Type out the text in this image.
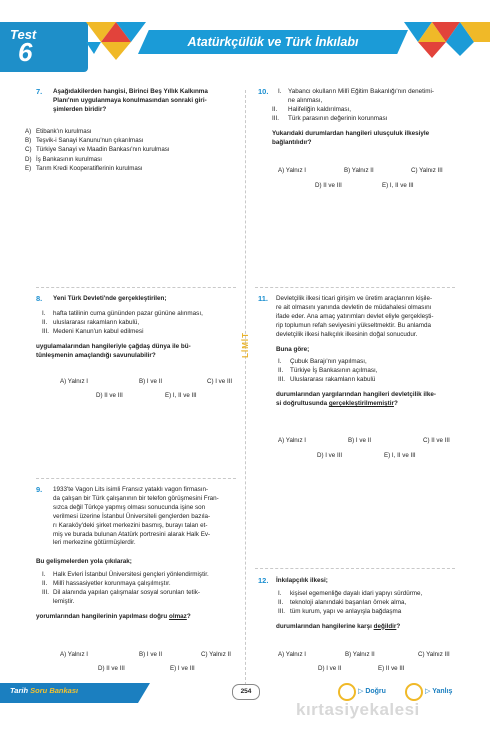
Test
6	Atatürkçülük ve Türk İnkılabı
7.	Aşağıdakilerden hangisi, Birinci Beş Yıllık Kalkınma
Planı'nın uygulanmaya konulmasından sonraki giri-
şimlerden biridir?
A) Etibank'ın kurulması
B) Teşvik-i Sanayi Kanunu'nun çıkarılması
C) Türkiye Sanayi ve Maadin Bankası'nın kurulması
D) İş Bankasının kurulması
E) Tarım Kredi Kooperatiflerinin kurulması
8.	Yeni Türk Devleti'nde gerçekleştirilen;
I. hafta tatilinin cuma gününden pazar gününe alınması,
II. uluslararası rakamların kabulü,
III. Medeni Kanun'un kabul edilmesi
uygulamalarından hangileriyle çağdaş dünya ile bü-
tünleşmenin amaçlandığı savunulabilir?
A) Yalnız I	B) I ve II	C) I ve III
D) II ve III	E) I, II ve III
9.	1933'te Vagon Lits isimli Fransız yataklı vagon firmasın-
da çalışan bir Türk çalışanının bir telefon görüşmesini Fran-
sızca değil Türkçe yapmış olması sonucunda işine son
verilmesi üzerine İstanbul Üniversiteli gençlerden bazıla-
rı Karaköy'deki şirket merkezini basmış, burayı talan et-
miş ve burada bulunan Atatürk portresini alarak Halk Ev-
leri merkezine götürmüşlerdir.
Bu gelişmelerden yola çıkılarak;
I. Halk Evleri İstanbul Üniversitesi gençleri yönlendirmiştir.
II. Millî hassasiyetler korunmaya çalışılmıştır.
III. Dil alanında yapılan çalışmalar sosyal sorunları tetik-
lemiştir.
yorumlarından hangilerinin yapılması doğru olmaz?
A) Yalnız I	B) I ve II	C) Yalnız II
D) II ve III	E) I ve III
10.	I. Yabancı okulların Millî Eğitim Bakanlığı'nın denetimi-
ne alınması,
II. Halifeliğin kaldırılması,
III. Türk parasının değerinin korunması
Yukarıdaki durumlardan hangileri ulusçuluk ilkesiyle
bağlantılıdır?
A) Yalnız I	B) Yalnız II	C) Yalnız III
D) II ve III	E) I, II ve III
LİMİT
11.	Devletçilik ilkesi ticari girişim ve üretim araçlarının kişile-
re ait olmasını yanında devletin de müdahalesi olmasını
ifade eder. Ana amaç yatırımları devlet eliyle gerçekleşti-
rip toplumun refah seviyesini yükseltmektir. Bu anlamda
devletçilik ilkesi halkçılık ilkesinin doğal sonucudur.
Buna göre;
I. Çubuk Barajı'nın yapılması,
II. Türkiye İş Bankasının açılması,
III. Uluslararası rakamların kabulü
durumlarından yargılarından hangileri devletçilik ilke-
si doğrultusunda gerçekleştirilmemiştir?
A) Yalnız I	B) I ve II	C) II ve III
D) I ve III	E) I, II ve III
12.	İnkılapçılık ilkesi;
I. kişisel egemenliğe dayalı idari yapıyı sürdürme,
II. teknoloji alanındaki başarıları örnek alma,
III. tüm kurum, yapı ve anlayışla bağdaşma
durumlarından hangilerine karşı değildir?
A) Yalnız I	B) Yalnız II	C) Yalnız III
D) I ve II	E) II ve III
Tarih Soru Bankası	254	▷ Doğru	▷ Yanlış
kırtasiyekalesi
